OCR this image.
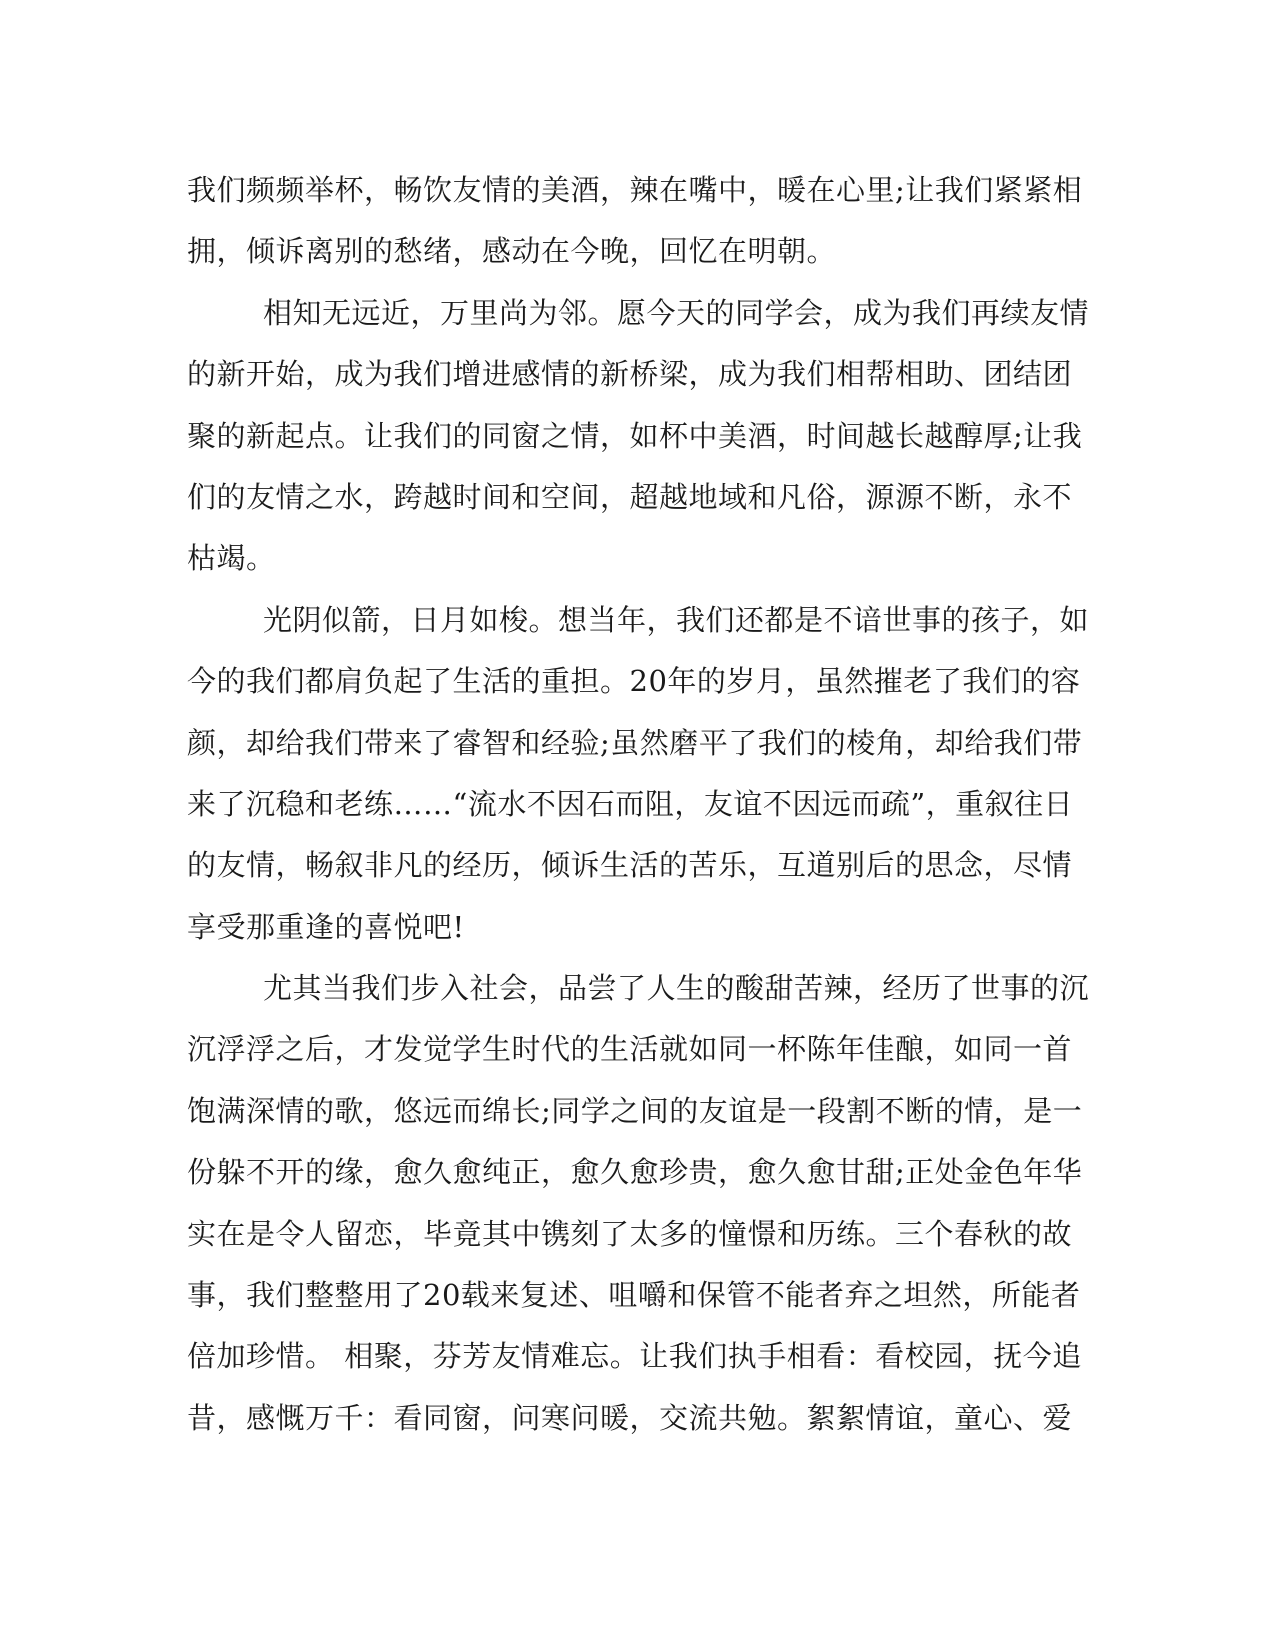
我们频频举杯，畅饮友情的美酒，辣在嘴中，暖在心里;让我们紧紧相
拥，倾诉离别的愁绪，感动在今晚，回忆在明朝。
相知无远近，万里尚为邻。愿今天的同学会，成为我们再续友情
的新开始，成为我们增进感情的新桥梁，成为我们相帮相助、团结团
聚的新起点。让我们的同窗之情，如杯中美酒，时间越长越醇厚;让我
们的友情之水，跨越时间和空间，超越地域和凡俗，源源不断，永不
枯竭。
光阴似箭，日月如梭。想当年，我们还都是不谙世事的孩子，如
今的我们都肩负起了生活的重担。20年的岁月，虽然摧老了我们的容
颜，却给我们带来了睿智和经验;虽然磨平了我们的棱角，却给我们带
来了沉稳和老练……“流水不因石而阻，友谊不因远而疏”，重叙往日
的友情，畅叙非凡的经历，倾诉生活的苦乐，互道别后的思念，尽情
享受那重逢的喜悦吧!
尤其当我们步入社会，品尝了人生的酸甜苦辣，经历了世事的沉
沉浮浮之后，才发觉学生时代的生活就如同一杯陈年佳酿，如同一首
饱满深情的歌，悠远而绵长;同学之间的友谊是一段割不断的情，是一
份躲不开的缘，愈久愈纯正，愈久愈珍贵，愈久愈甘甜;正处金色年华
实在是令人留恋，毕竟其中镌刻了太多的憧憬和历练。三个春秋的故
事，我们整整用了20载来复述、咀嚼和保管不能者弃之坦然，所能者
倍加珍惜。 相聚，芬芳友情难忘。让我们执手相看：看校园，抚今追
昔，感慨万千：看同窗，问寒问暖，交流共勉。絮絮情谊，童心、爱
